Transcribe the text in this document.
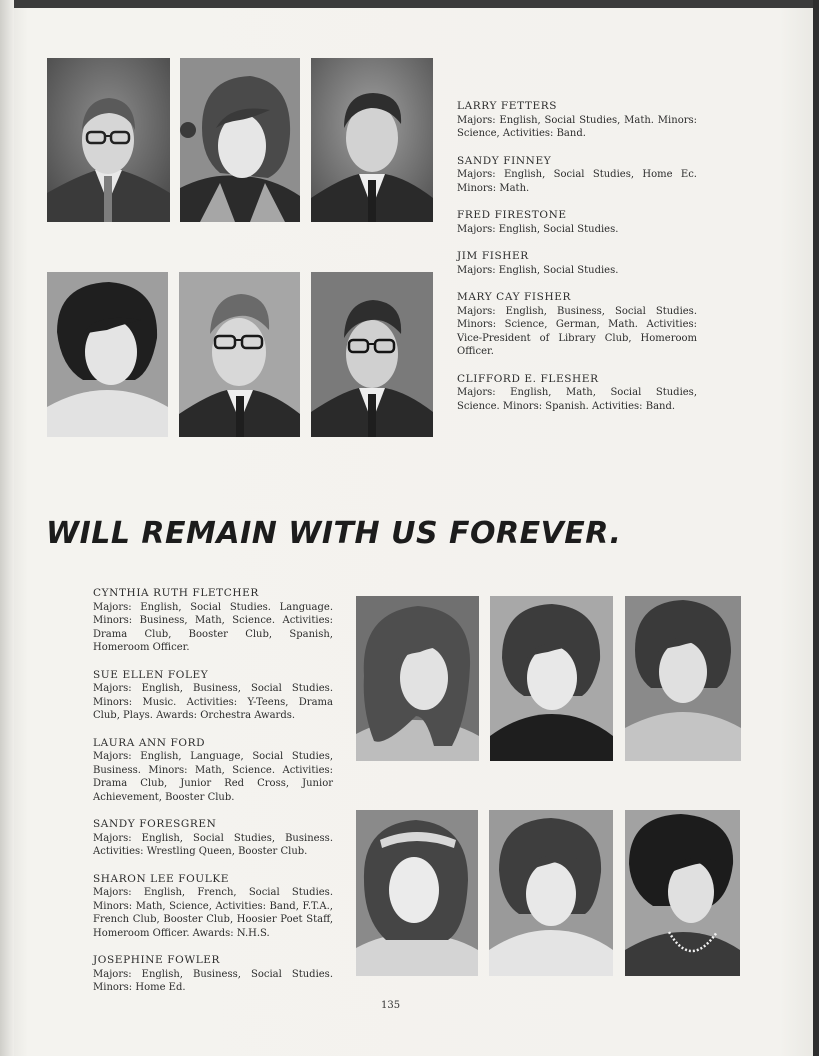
LARRY FETTERS
Majors: English, Social Studies, Math. Minors: Science, Activities: Band.
SANDY FINNEY
Majors: English, Social Studies, Home Ec. Minors: Math.
FRED FIRESTONE
Majors: English, Social Studies.
JIM FISHER
Majors: English, Social Studies.
MARY CAY FISHER
Majors: English, Business, Social Studies. Minors: Science, German, Math. Activities: Vice-President of Library Club, Homeroom Officer.
CLIFFORD E. FLESHER
Majors: English, Math, Social Studies, Science. Minors: Spanish. Activities: Band.
WILL REMAIN WITH US FOREVER.
CYNTHIA RUTH FLETCHER
Majors: English, Social Studies. Language. Minors: Business, Math, Science. Activities: Drama Club, Booster Club, Spanish, Homeroom Officer.
SUE ELLEN FOLEY
Majors: English, Business, Social Studies. Minors: Music. Activities: Y-Teens, Drama Club, Plays. Awards: Orchestra Awards.
LAURA ANN FORD
Majors: English, Language, Social Studies, Business. Minors: Math, Science. Activities: Drama Club, Junior Red Cross, Junior Achievement, Booster Club.
SANDY FORESGREN
Majors: English, Social Studies, Business. Activities: Wrestling Queen, Booster Club.
SHARON LEE FOULKE
Majors: English, French, Social Studies. Minors: Math, Science, Activities: Band, F.T.A., French Club, Booster Club, Hoosier Poet Staff, Homeroom Officer. Awards: N.H.S.
JOSEPHINE FOWLER
Majors: English, Business, Social Studies. Minors: Home Ed.
135
